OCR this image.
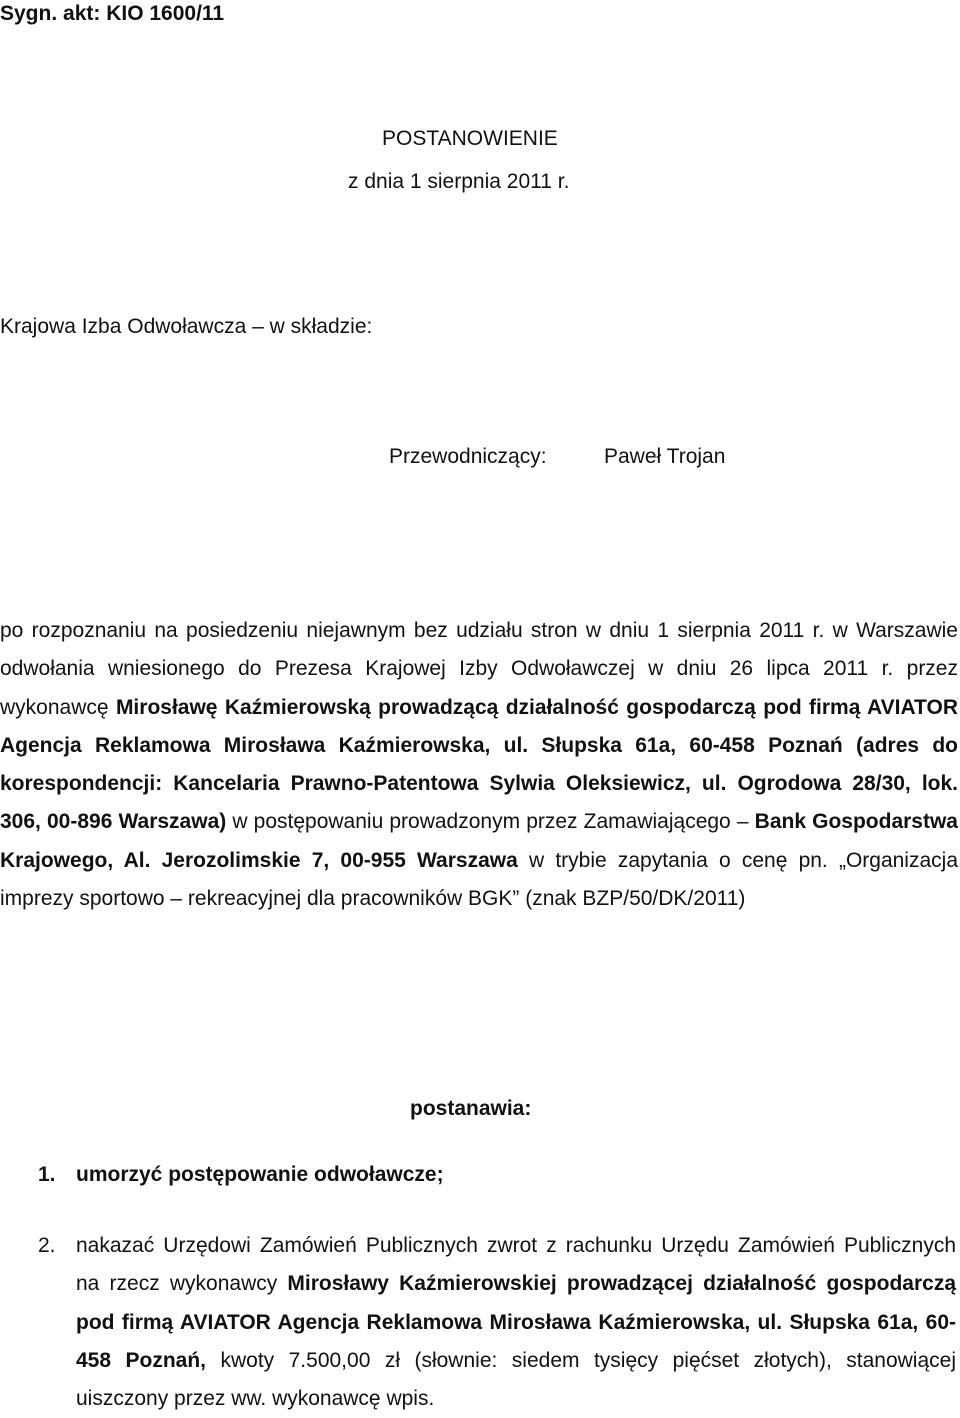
Sygn. akt: KIO 1600/11
POSTANOWIENIE
z dnia 1 sierpnia 2011 r.
Krajowa Izba Odwoławcza – w składzie:
Przewodniczący:	Paweł Trojan
po rozpoznaniu na posiedzeniu niejawnym bez udziału stron w dniu 1 sierpnia 2011 r. w Warszawie odwołania wniesionego do Prezesa Krajowej Izby Odwoławczej w dniu 26 lipca 2011 r. przez wykonawcę Mirosławę Kaźmierowską prowadzącą działalność gospodarczą pod firmą AVIATOR Agencja Reklamowa Mirosława Kaźmierowska, ul. Słupska 61a, 60-458 Poznań (adres do korespondencji: Kancelaria Prawno-Patentowa Sylwia Oleksiewicz, ul. Ogrodowa 28/30, lok. 306, 00-896 Warszawa) w postępowaniu prowadzonym przez Zamawiającego – Bank Gospodarstwa Krajowego, Al. Jerozolimskie 7, 00-955 Warszawa w trybie zapytania o cenę pn. „Organizacja imprezy sportowo – rekreacyjnej dla pracowników BGK” (znak BZP/50/DK/2011)
postanawia:
1. umorzyć postępowanie odwoławcze;
2. nakazać Urzędowi Zamówień Publicznych zwrot z rachunku Urzędu Zamówień Publicznych na rzecz wykonawcy Mirosławy Kaźmierowskiej prowadzącej działalność gospodarczą pod firmą AVIATOR Agencja Reklamowa Mirosława Kaźmierowska, ul. Słupska 61a, 60-458 Poznań, kwoty 7.500,00 zł (słownie: siedem tysięcy pięćset złotych), stanowiącej uiszczony przez ww. wykonawcę wpis.
